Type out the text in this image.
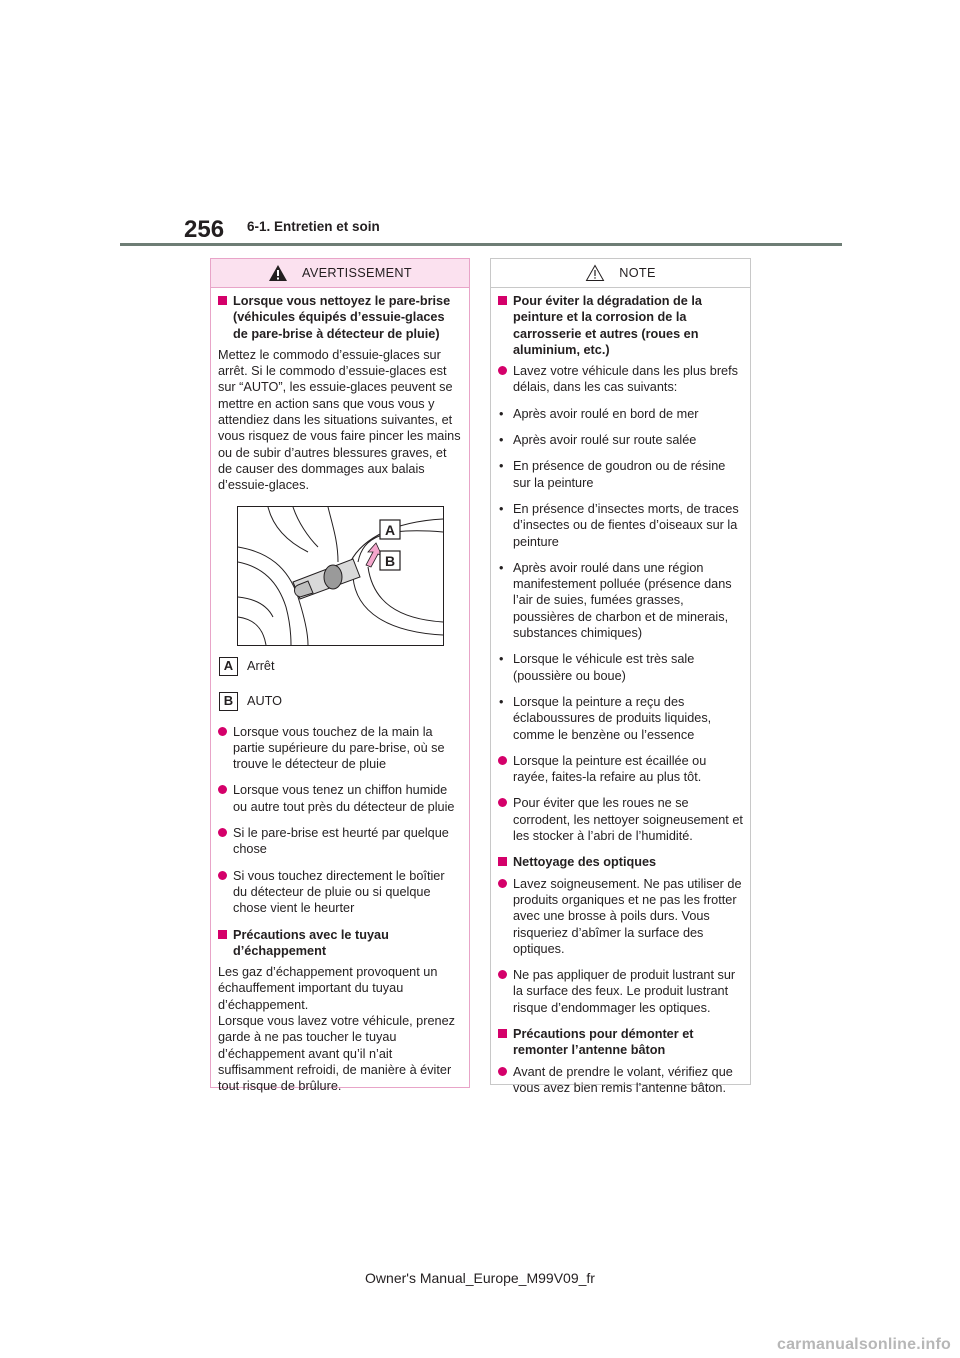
256 6-1. Entretien et soin
AVERTISSEMENT
Lorsque vous nettoyez le pare-brise (véhicules équipés d’essuie-glaces de pare-brise à détecteur de pluie)
Mettez le commodo d’essuie-glaces sur arrêt. Si le commodo d’essuie-glaces est sur “AUTO”, les essuie-glaces peuvent se mettre en action sans que vous vous y attendiez dans les situations suivantes, et vous risquez de vous faire pincer les mains ou de subir d’autres blessures graves, et de causer des dommages aux balais d’essuie-glaces.
A
B
A	Arrêt
B	AUTO
Lorsque vous touchez de la main la partie supérieure du pare-brise, où se trouve le détecteur de pluie
Lorsque vous tenez un chiffon humide ou autre tout près du détecteur de pluie
Si le pare-brise est heurté par quelque chose
Si vous touchez directement le boîtier du détecteur de pluie ou si quelque chose vient le heurter
Précautions avec le tuyau d’échappement
Les gaz d’échappement provoquent un échauffement important du tuyau d’échappement.
Lorsque vous lavez votre véhicule, prenez garde à ne pas toucher le tuyau d’échappement avant qu’il n’ait suffisamment refroidi, de manière à éviter tout risque de brûlure.
NOTE
Pour éviter la dégradation de la peinture et la corrosion de la carrosserie et autres (roues en aluminium, etc.)
Lavez votre véhicule dans les plus brefs délais, dans les cas suivants:
• Après avoir roulé en bord de mer
• Après avoir roulé sur route salée
• En présence de goudron ou de résine sur la peinture
• En présence d’insectes morts, de traces d’insectes ou de fientes d’oiseaux sur la peinture
• Après avoir roulé dans une région manifestement polluée (présence dans l’air de suies, fumées grasses, poussières de charbon et de minerais, substances chimiques)
• Lorsque le véhicule est très sale (poussière ou boue)
• Lorsque la peinture a reçu des éclaboussures de produits liquides, comme le benzène ou l’essence
Lorsque la peinture est écaillée ou rayée, faites-la refaire au plus tôt.
Pour éviter que les roues ne se corrodent, les nettoyer soigneusement et les stocker à l’abri de l’humidité.
Nettoyage des optiques
Lavez soigneusement. Ne pas utiliser de produits organiques et ne pas les frotter avec une brosse à poils durs. Vous risqueriez d’abîmer la surface des optiques.
Ne pas appliquer de produit lustrant sur la surface des feux. Le produit lustrant risque d’endommager les optiques.
Précautions pour démonter et remonter l’antenne bâton
Avant de prendre le volant, vérifiez que vous avez bien remis l’antenne bâton.
Owner's Manual_Europe_M99V09_fr
carmanualsonline.info
